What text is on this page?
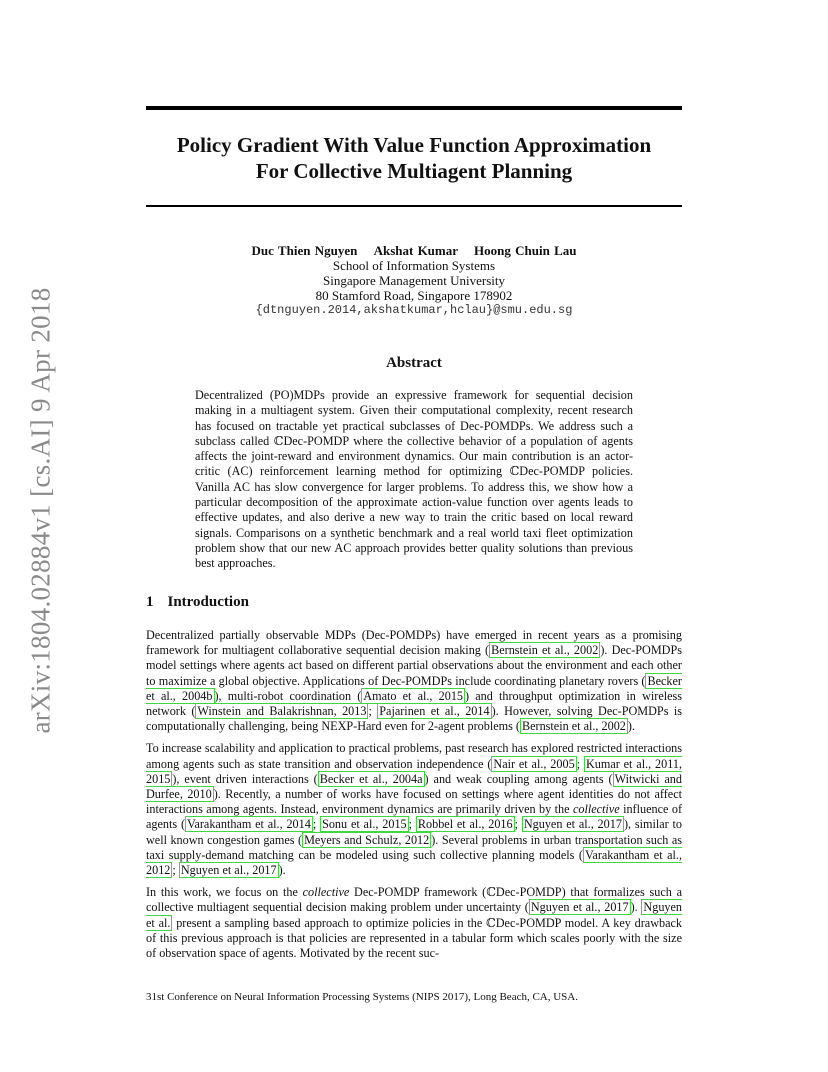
arXiv:1804.02884v1 [cs.AI] 9 Apr 2018
Policy Gradient With Value Function Approximation
For Collective Multiagent Planning
Duc Thien Nguyen Akshat Kumar Hoong Chuin Lau
School of Information Systems
Singapore Management University
80 Stamford Road, Singapore 178902
{dtnguyen.2014,akshatkumar,hclau}@smu.edu.sg
Abstract
Decentralized (PO)MDPs provide an expressive framework for sequential decision making in a multiagent system. Given their computational complexity, recent research has focused on tractable yet practical subclasses of Dec-POMDPs. We address such a subclass called ℂDec-POMDP where the collective behavior of a population of agents affects the joint-reward and environment dynamics. Our main contribution is an actor-critic (AC) reinforcement learning method for optimizing ℂDec-POMDP policies. Vanilla AC has slow convergence for larger problems. To address this, we show how a particular decomposition of the approximate action-value function over agents leads to effective updates, and also derive a new way to train the critic based on local reward signals. Comparisons on a synthetic benchmark and a real world taxi fleet optimization problem show that our new AC approach provides better quality solutions than previous best approaches.
1 Introduction

Decentralized partially observable MDPs (Dec-POMDPs) have emerged in recent years as a promising framework for multiagent collaborative sequential decision making ( Bernstein et al., 2002 ). Dec-POMDPs model settings where agents act based on different partial observations about the environment and each other to maximize a global objective. Applications of Dec-POMDPs include coordinating planetary rovers ( Becker et al., 2004b ), multi-robot coordination ( Amato et al., 2015 ) and throughput optimization in wireless network ( Winstein and Balakrishnan, 2013 ; Pajarinen et al., 2014 ). However, solving Dec-POMDPs is computationally challenging, being NEXP-Hard even for 2-agent problems ( Bernstein et al., 2002 ).

To increase scalability and application to practical problems, past research has explored restricted interactions among agents such as state transition and observation independence ( Nair et al., 2005 ; Kumar et al., 2011, 2015 ), event driven interactions ( Becker et al., 2004a ) and weak coupling among agents ( Witwicki and Durfee, 2010 ). Recently, a number of works have focused on settings where agent identities do not affect interactions among agents. Instead, environment dynamics are primarily driven by the collective influence of agents ( Varakantham et al., 2014 ; Sonu et al., 2015 ; Robbel et al., 2016 ; Nguyen et al., 2017 ), similar to well known congestion games ( Meyers and Schulz, 2012 ). Several problems in urban transportation such as taxi supply-demand matching can be modeled using such collective planning models ( Varakantham et al., 2012 ; Nguyen et al., 2017 ).

In this work, we focus on the collective Dec-POMDP framework (ℂDec-POMDP) that formalizes such a collective multiagent sequential decision making problem under uncertainty ( Nguyen et al., 2017 ). Nguyen et al. present a sampling based approach to optimize policies in the ℂDec-POMDP model. A key drawback of this previous approach is that policies are represented in a tabular form which scales poorly with the size of observation space of agents. Motivated by the recent suc-

31st Conference on Neural Information Processing Systems (NIPS 2017), Long Beach, CA, USA.
